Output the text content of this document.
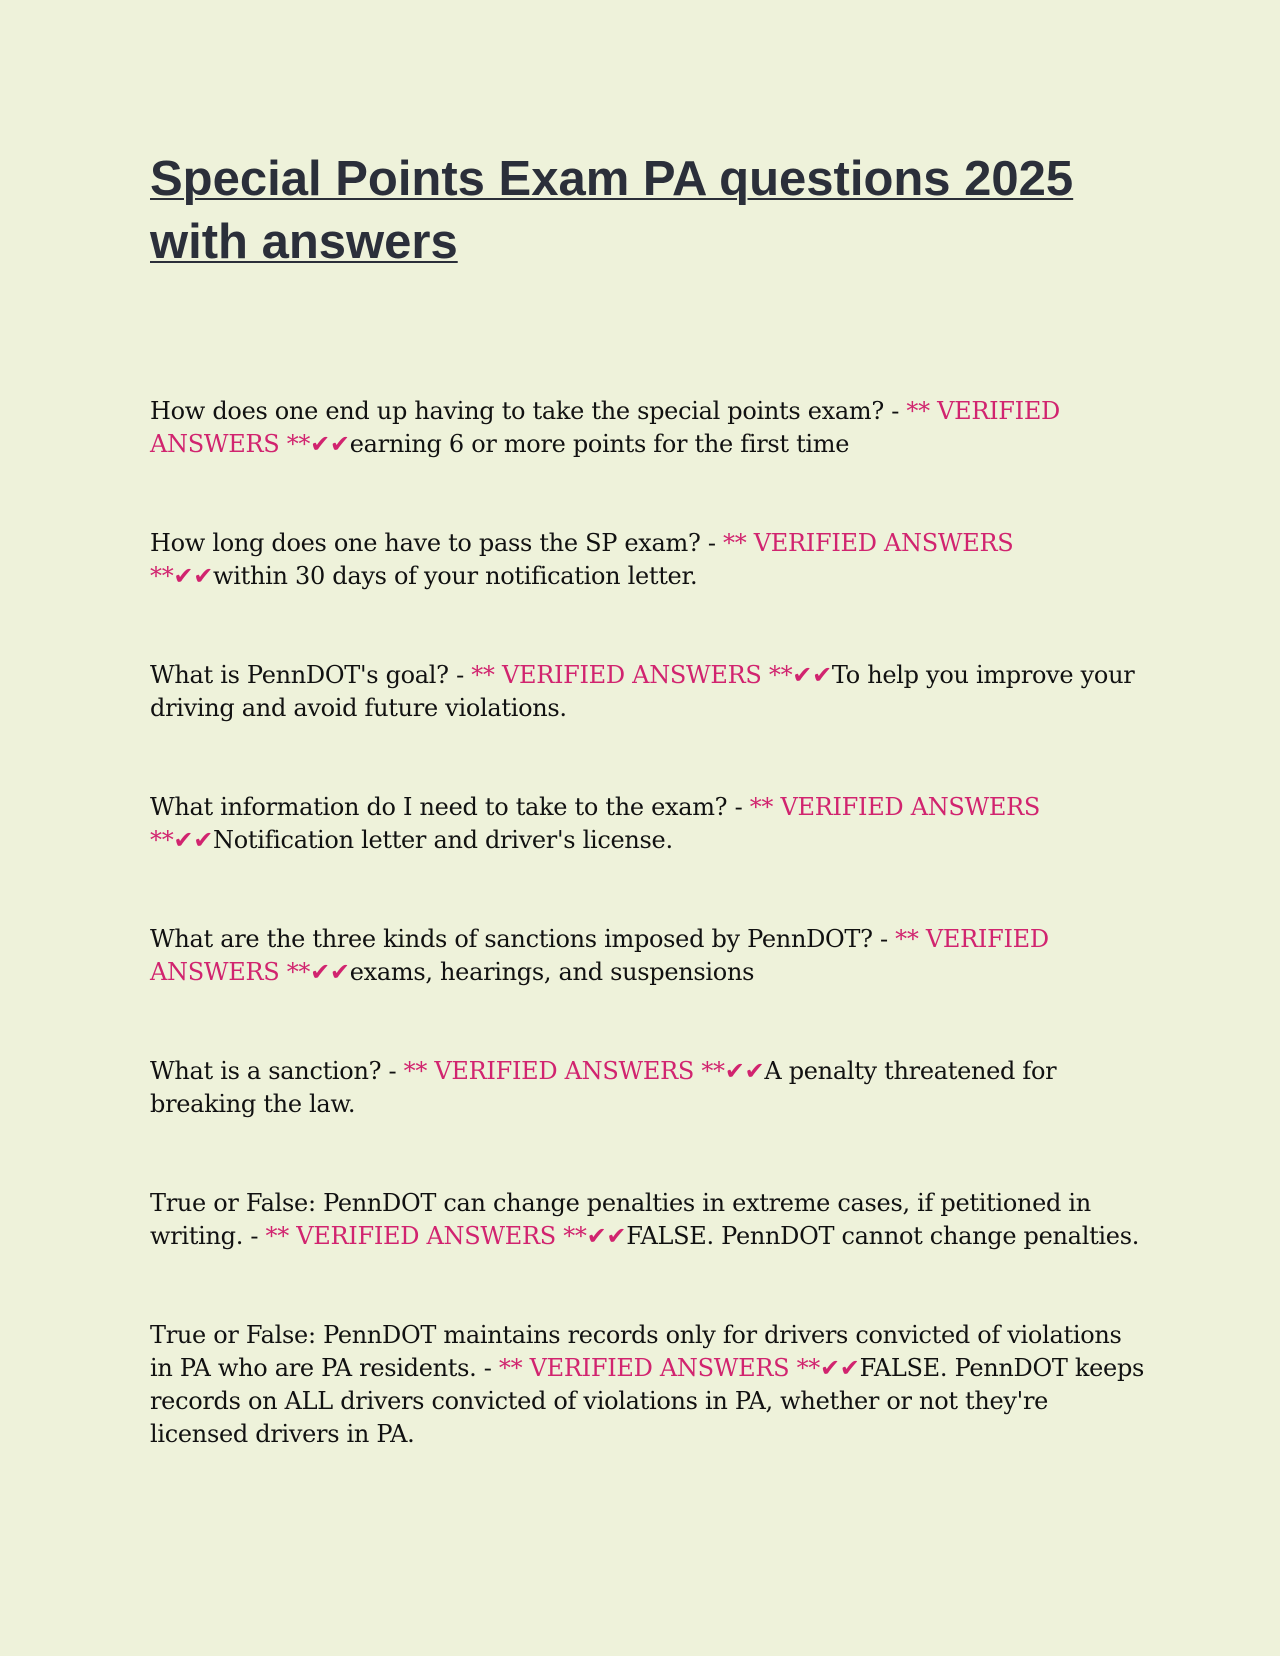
Special Points Exam PA questions 2025 with answers

How does one end up having to take the special points exam? - ** VERIFIED ANSWERS **✔✔earning 6 or more points for the first time

How long does one have to pass the SP exam? - ** VERIFIED ANSWERS **✔✔within 30 days of your notification letter.

What is PennDOT's goal? - ** VERIFIED ANSWERS **✔✔To help you improve your driving and avoid future violations.

What information do I need to take to the exam? - ** VERIFIED ANSWERS **✔✔Notification letter and driver's license.

What are the three kinds of sanctions imposed by PennDOT? - ** VERIFIED ANSWERS **✔✔exams, hearings, and suspensions

What is a sanction? - ** VERIFIED ANSWERS **✔✔A penalty threatened for breaking the law.

True or False: PennDOT can change penalties in extreme cases, if petitioned in writing. - ** VERIFIED ANSWERS **✔✔FALSE. PennDOT cannot change penalties.

True or False: PennDOT maintains records only for drivers convicted of violations in PA who are PA residents. - ** VERIFIED ANSWERS **✔✔FALSE. PennDOT keeps records on ALL drivers convicted of violations in PA, whether or not they're licensed drivers in PA.
